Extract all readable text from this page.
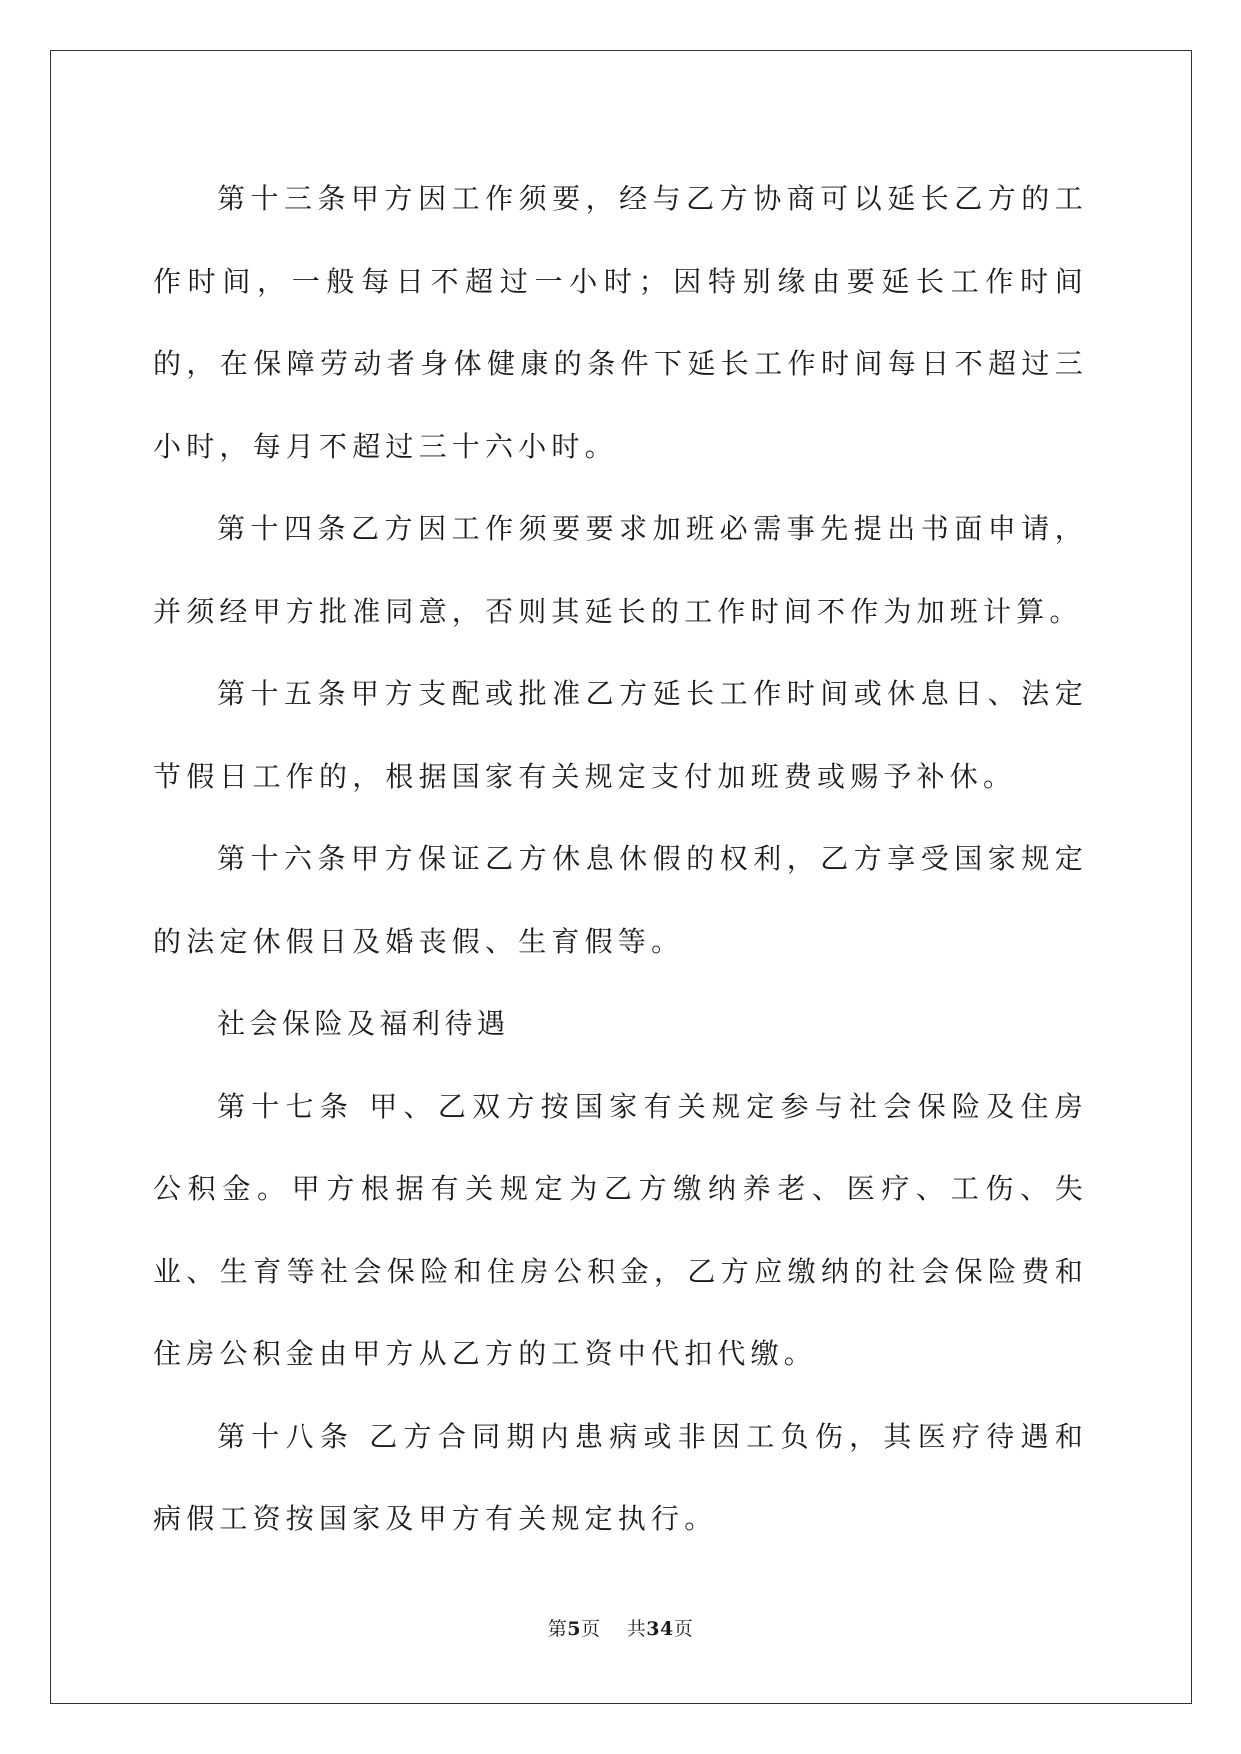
第十三条甲方因工作须要，经与乙方协商可以延长乙方的工作时间，一般每日不超过一小时；因特别缘由要延长工作时间的，在保障劳动者身体健康的条件下延长工作时间每日不超过三小时，每月不超过三十六小时。

第十四条乙方因工作须要要求加班必需事先提出书面申请，并须经甲方批准同意，否则其延长的工作时间不作为加班计算。

第十五条甲方支配或批准乙方延长工作时间或休息日、法定节假日工作的，根据国家有关规定支付加班费或赐予补休。

第十六条甲方保证乙方休息休假的权利，乙方享受国家规定的法定休假日及婚丧假、生育假等。

社会保险及福利待遇

第十七条 甲、乙双方按国家有关规定参与社会保险及住房公积金。甲方根据有关规定为乙方缴纳养老、医疗、工伤、失业、生育等社会保险和住房公积金，乙方应缴纳的社会保险费和住房公积金由甲方从乙方的工资中代扣代缴。

第十八条 乙方合同期内患病或非因工负伤，其医疗待遇和病假工资按国家及甲方有关规定执行。

第5页 共34页
